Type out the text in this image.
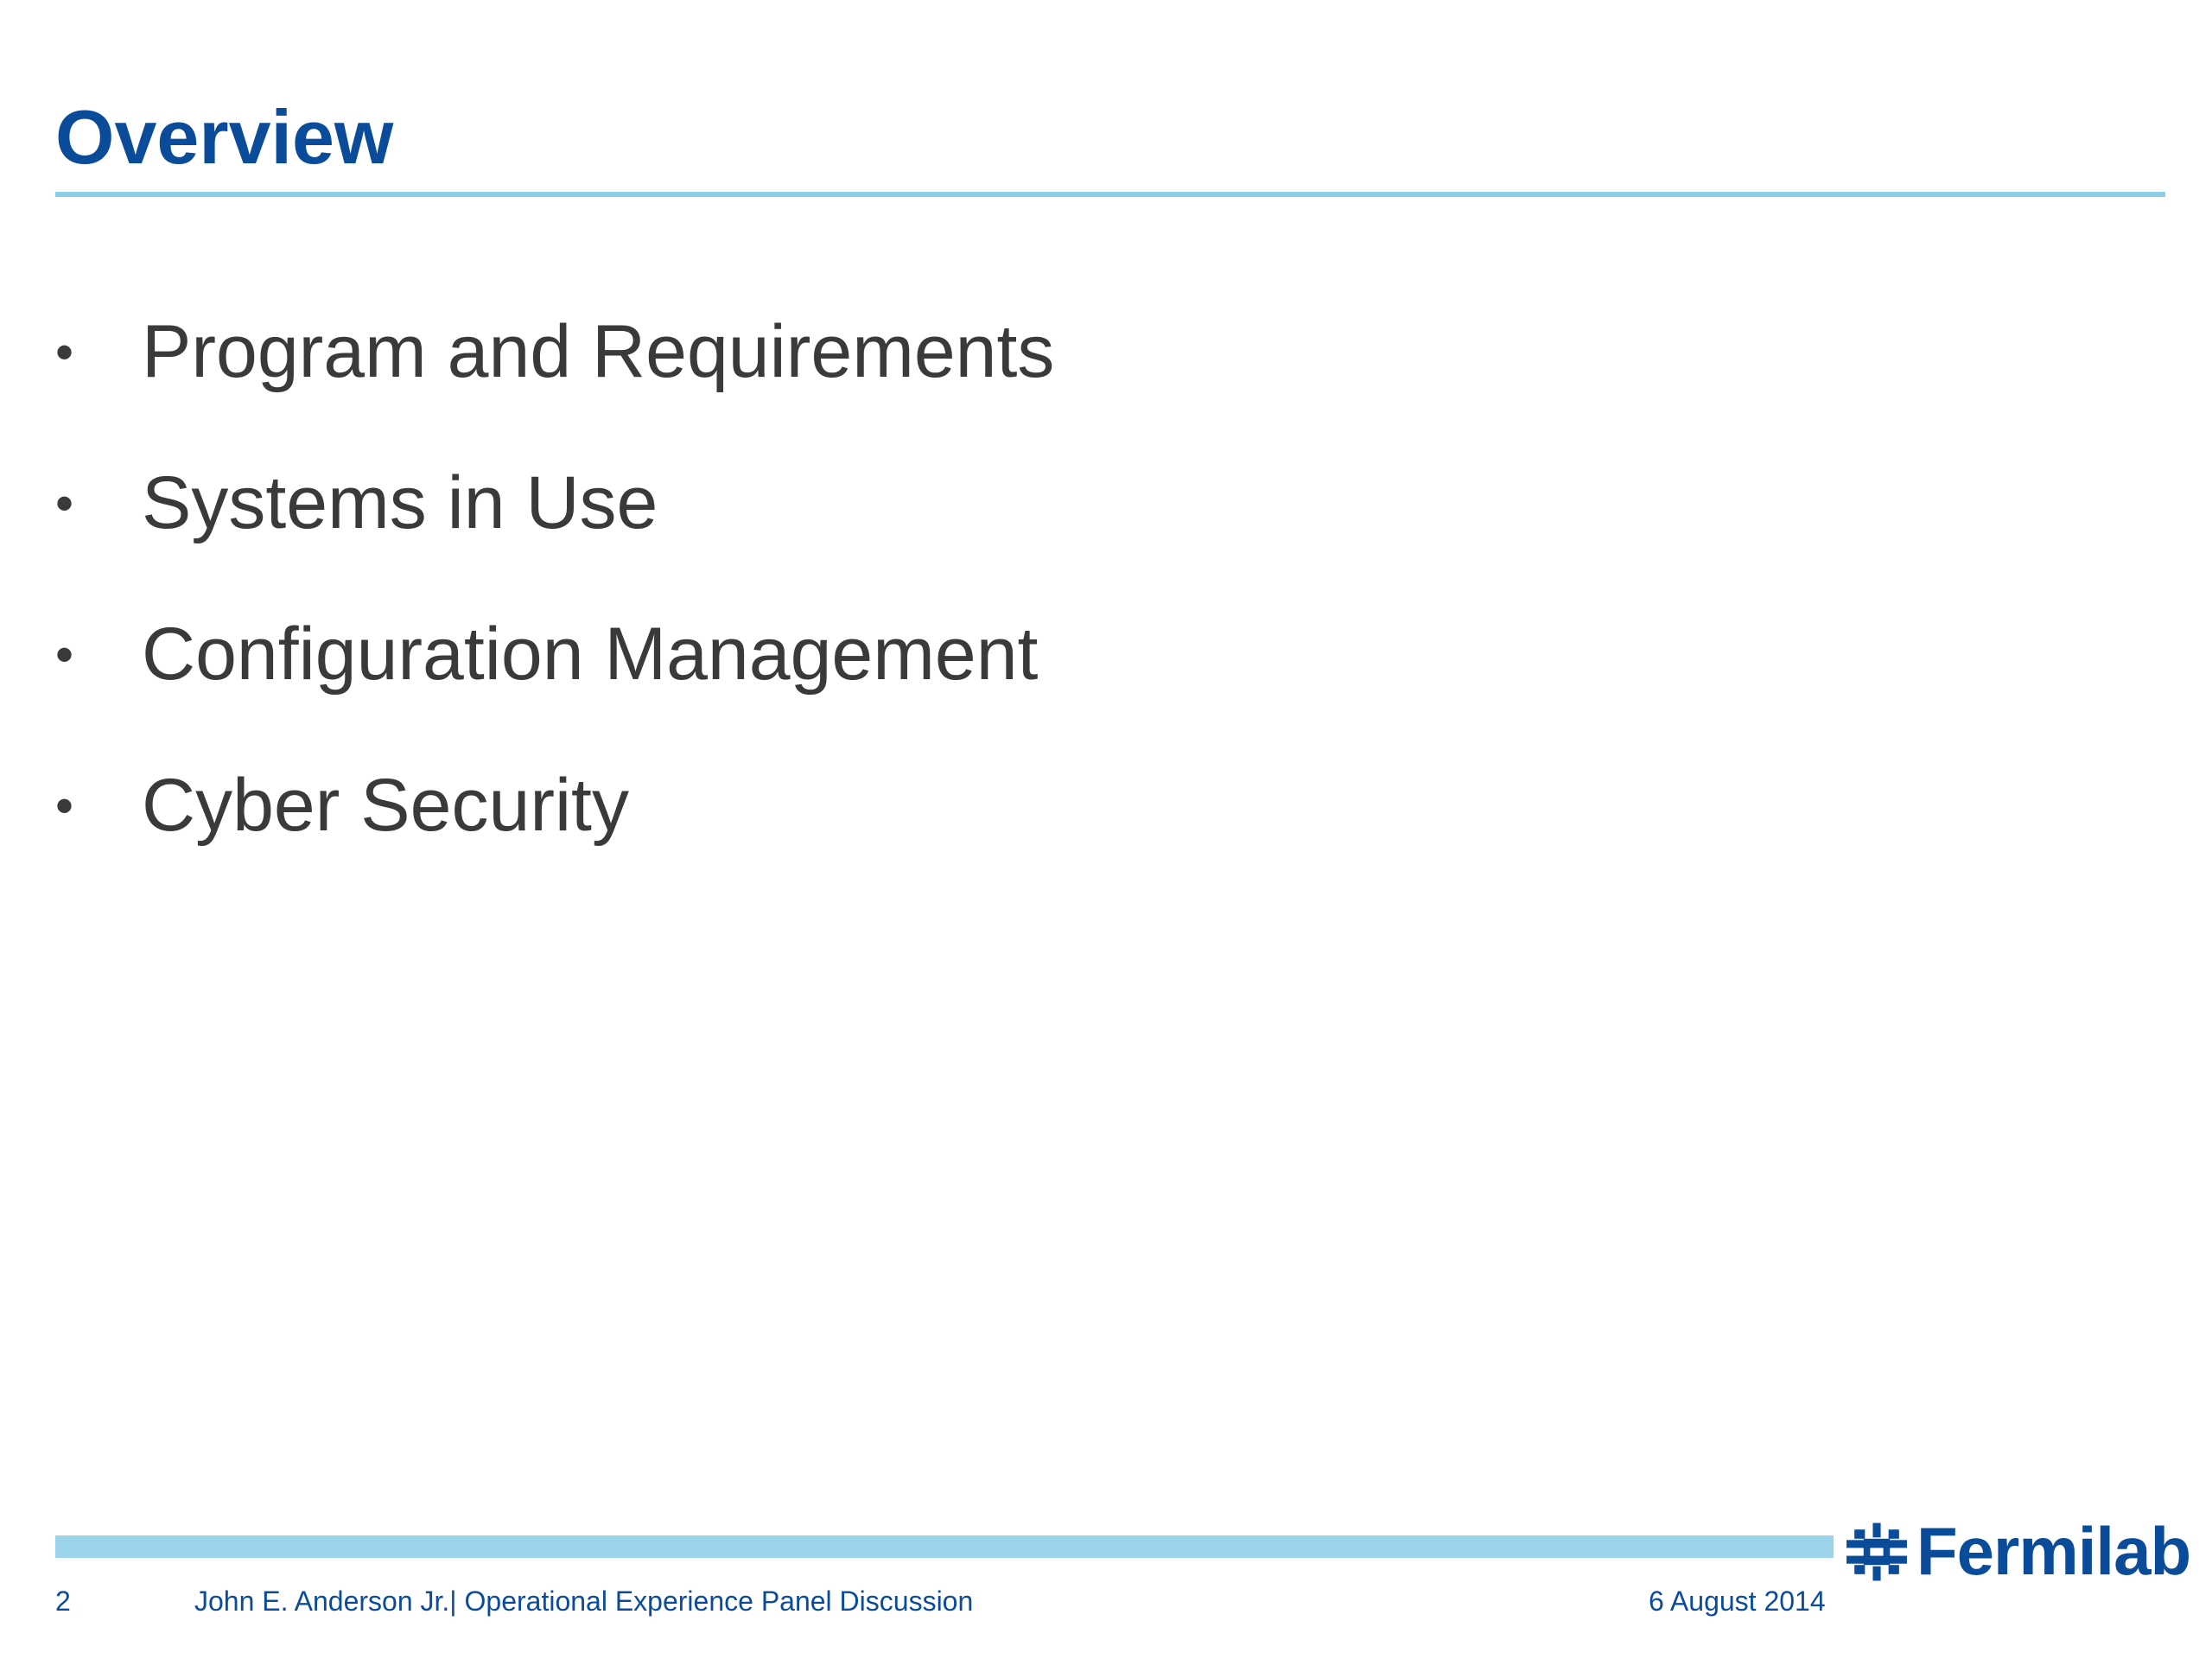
Overview
• Program and Requirements
• Systems in Use
• Configuration Management
• Cyber Security
Fermilab
2	John E. Anderson Jr.| Operational Experience Panel Discussion	6 August 2014
